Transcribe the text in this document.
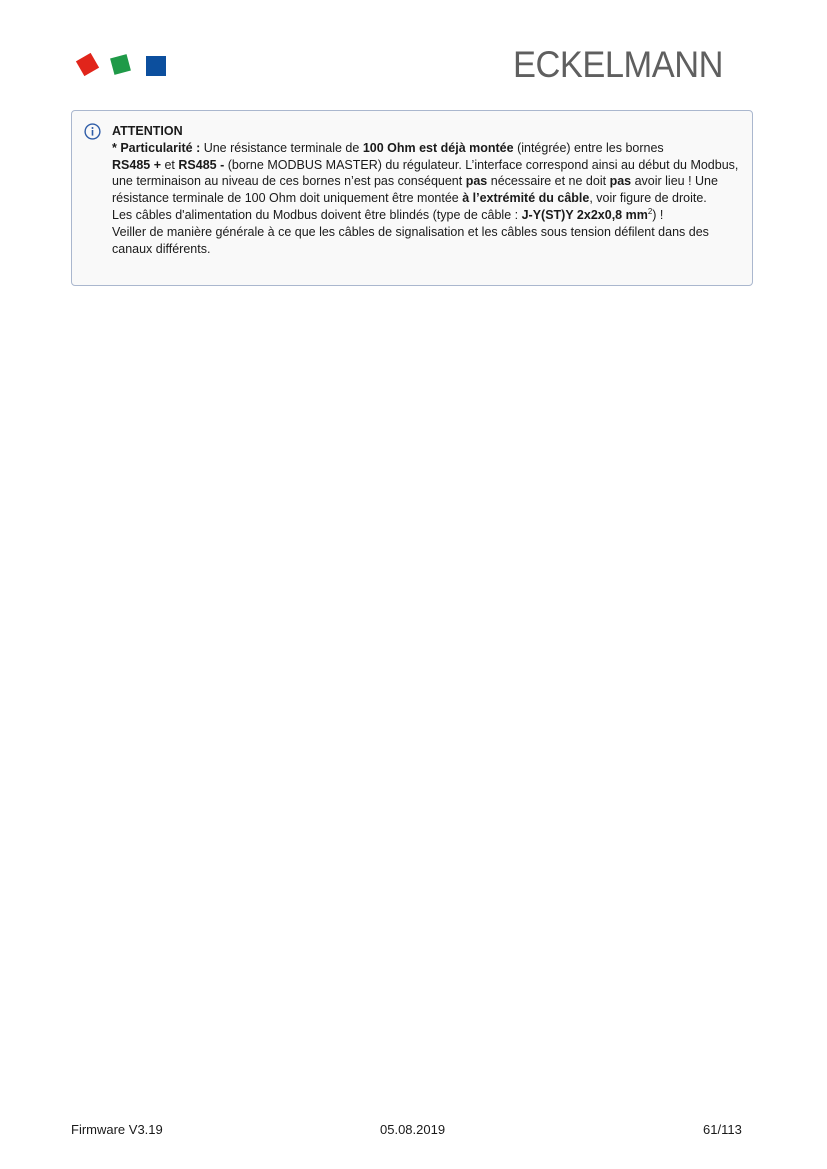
ECKELMANN
ATTENTION

* Particularité : Une résistance terminale de 100 Ohm est déjà montée (intégrée) entre les bornes
RS485 + et RS485 - (borne MODBUS MASTER) du régulateur. L’interface correspond ainsi au début du Modbus, une terminaison au niveau de ces bornes n’est pas conséquent pas nécessaire et ne doit pas avoir lieu ! Une résistance terminale de 100 Ohm doit uniquement être montée à l’extrémité du câble, voir figure de droite.

Les câbles d'alimentation du Modbus doivent être blindés (type de câble : J-Y(ST)Y 2x2x0,8 $mm^2$) !
Veiller de manière générale à ce que les câbles de signalisation et les câbles sous tension défilent dans des canaux différents.

Firmware V3.19	05.08.2019	61/113
